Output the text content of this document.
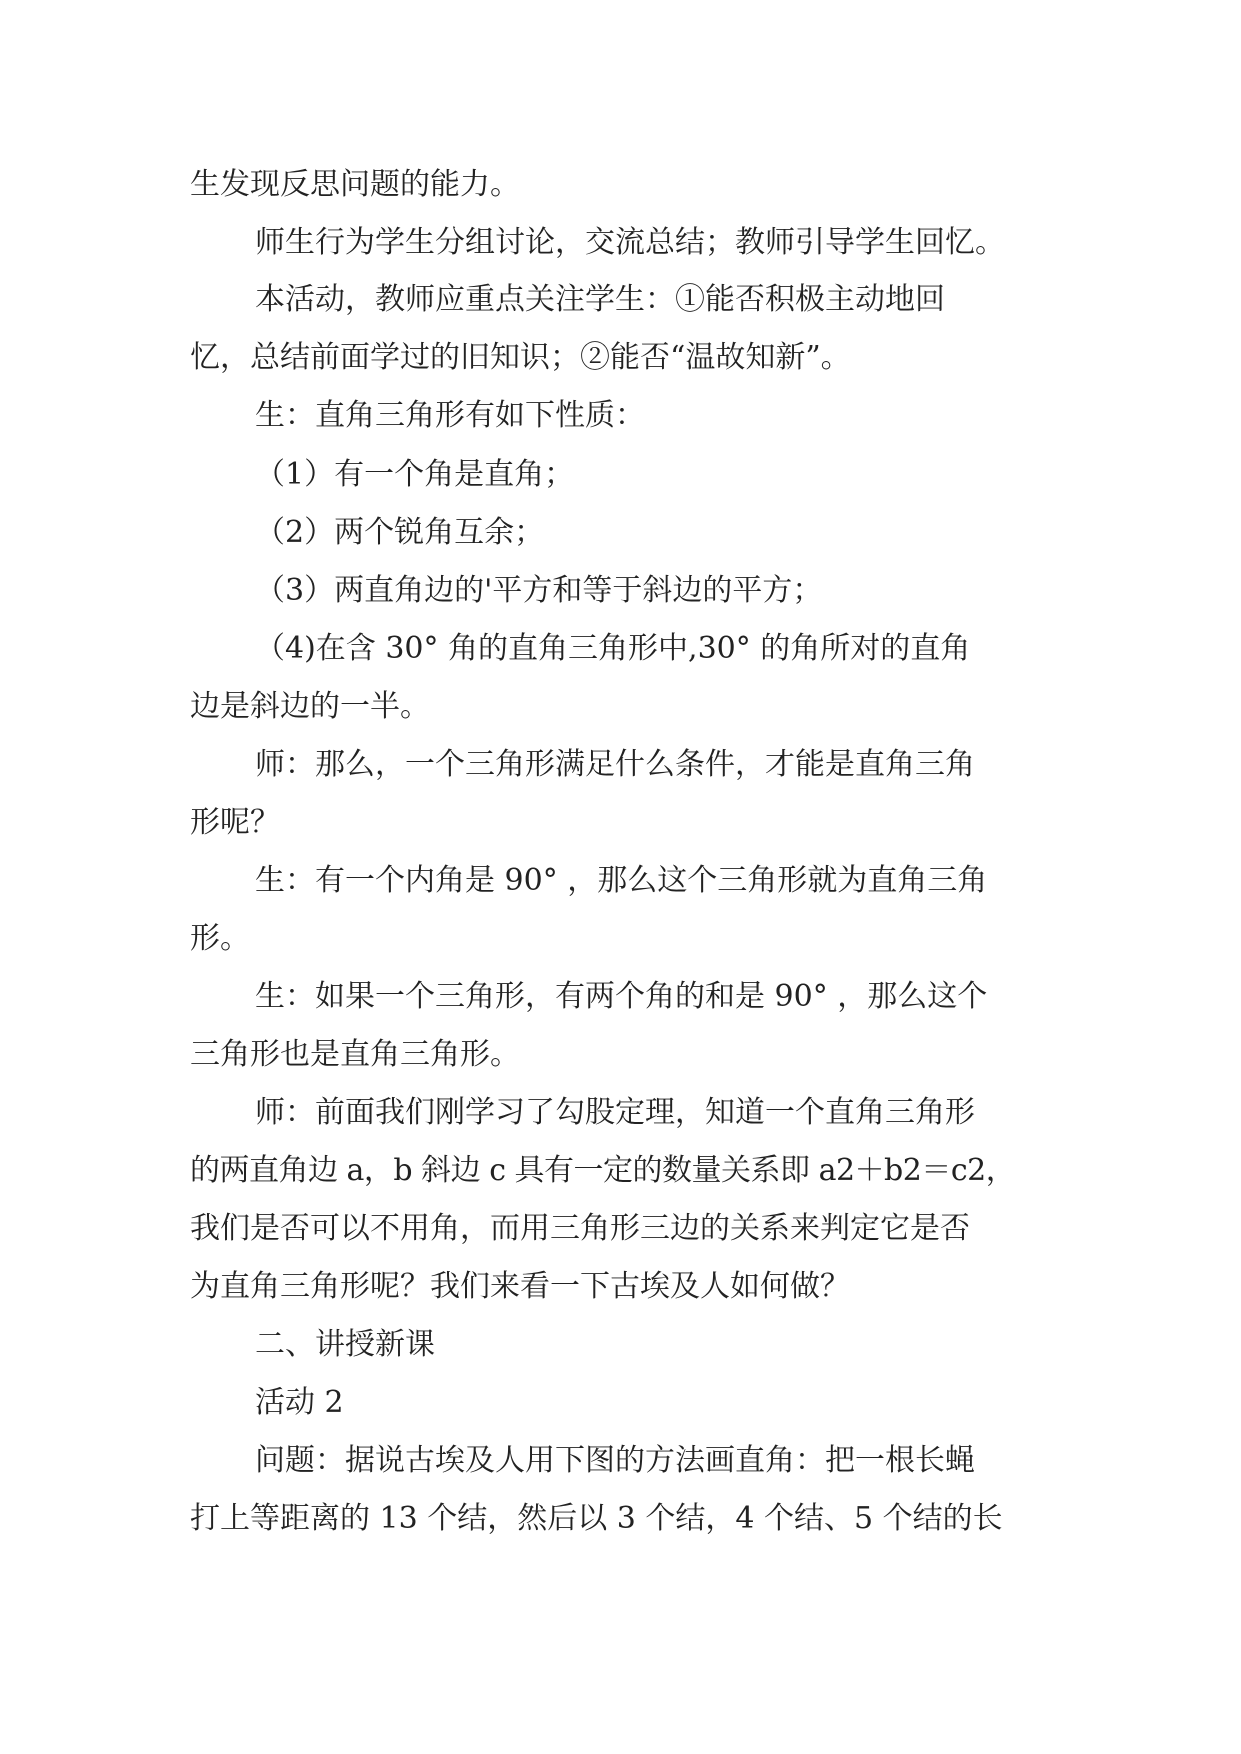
生发现反思问题的能力。
师生行为学生分组讨论，交流总结；教师引导学生回忆。
本活动，教师应重点关注学生：①能否积极主动地回
忆，总结前面学过的旧知识；②能否“温故知新”。
生：直角三角形有如下性质：
（1）有一个角是直角；
（2）两个锐角互余；
（3）两直角边的'平方和等于斜边的平方；
（4)在含 30° 角的直角三角形中,30° 的角所对的直角
边是斜边的一半。
师：那么，一个三角形满足什么条件，才能是直角三角
形呢？
生：有一个内角是 90° ，那么这个三角形就为直角三角
形。
生：如果一个三角形，有两个角的和是 90° ，那么这个
三角形也是直角三角形。
师：前面我们刚学习了勾股定理，知道一个直角三角形
的两直角边 a，b 斜边 c 具有一定的数量关系即 a2＋b2＝c2，
我们是否可以不用角，而用三角形三边的关系来判定它是否
为直角三角形呢？我们来看一下古埃及人如何做？
二、讲授新课
活动 2
问题：据说古埃及人用下图的方法画直角：把一根长蝇
打上等距离的 13 个结，然后以 3 个结，4 个结、5 个结的长
